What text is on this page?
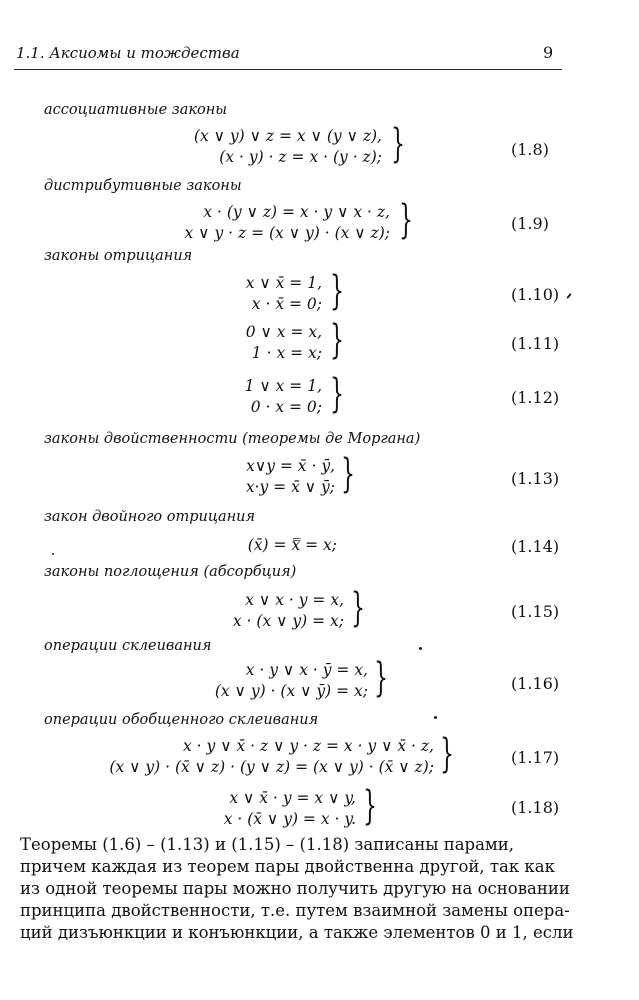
1.1. Аксиомы и тождества	9
ассоциативные законы
(x ∨ y) ∨ z = x ∨ (y ∨ z),
(x · y) · z = x · (y · z); }	(1.8)
дистрибутивные законы
x · (y ∨ z) = x · y ∨ x · z,
x ∨ y · z = (x ∨ y) · (x ∨ z); }	(1.9)
законы отрицания
x ∨ x̄ = 1,
x · x̄ = 0; }	(1.10)
0 ∨ x = x,
1 · x = x; }	(1.11)
1 ∨ x = 1,
0 · x = 0; }	(1.12)
законы двойственности (теоремы де Моргана)
x∨y = x̄ · ȳ,
x·y = x̄ ∨ ȳ; }	(1.13)
закон двойного отрицания
(x̄) = x̿ = x;	(1.14)
законы поглощения (абсорбция)
x ∨ x · y = x,
x · (x ∨ y) = x; }	(1.15)
операции склеивания
x · y ∨ x · ȳ = x,
(x ∨ y) · (x ∨ ȳ) = x; }	(1.16)
операции обобщенного склеивания
x · y ∨ x̄ · z ∨ y · z = x · y ∨ x̄ · z,
(x ∨ y) · (x̄ ∨ z) · (y ∨ z) = (x ∨ y) · (x̄ ∨ z); }	(1.17)
x ∨ x̄ · y = x ∨ y,
x · (x̄ ∨ y) = x · y. }	(1.18)
Теоремы (1.6) – (1.13) и (1.15) – (1.18) записаны парами,
причем каждая из теорем пары двойственна другой, так как
из одной теоремы пары можно получить другую на основании
принципа двойственности, т.е. путем взаимной замены опера-
ций дизъюнкции и конъюнкции, а также элементов 0 и 1, если
